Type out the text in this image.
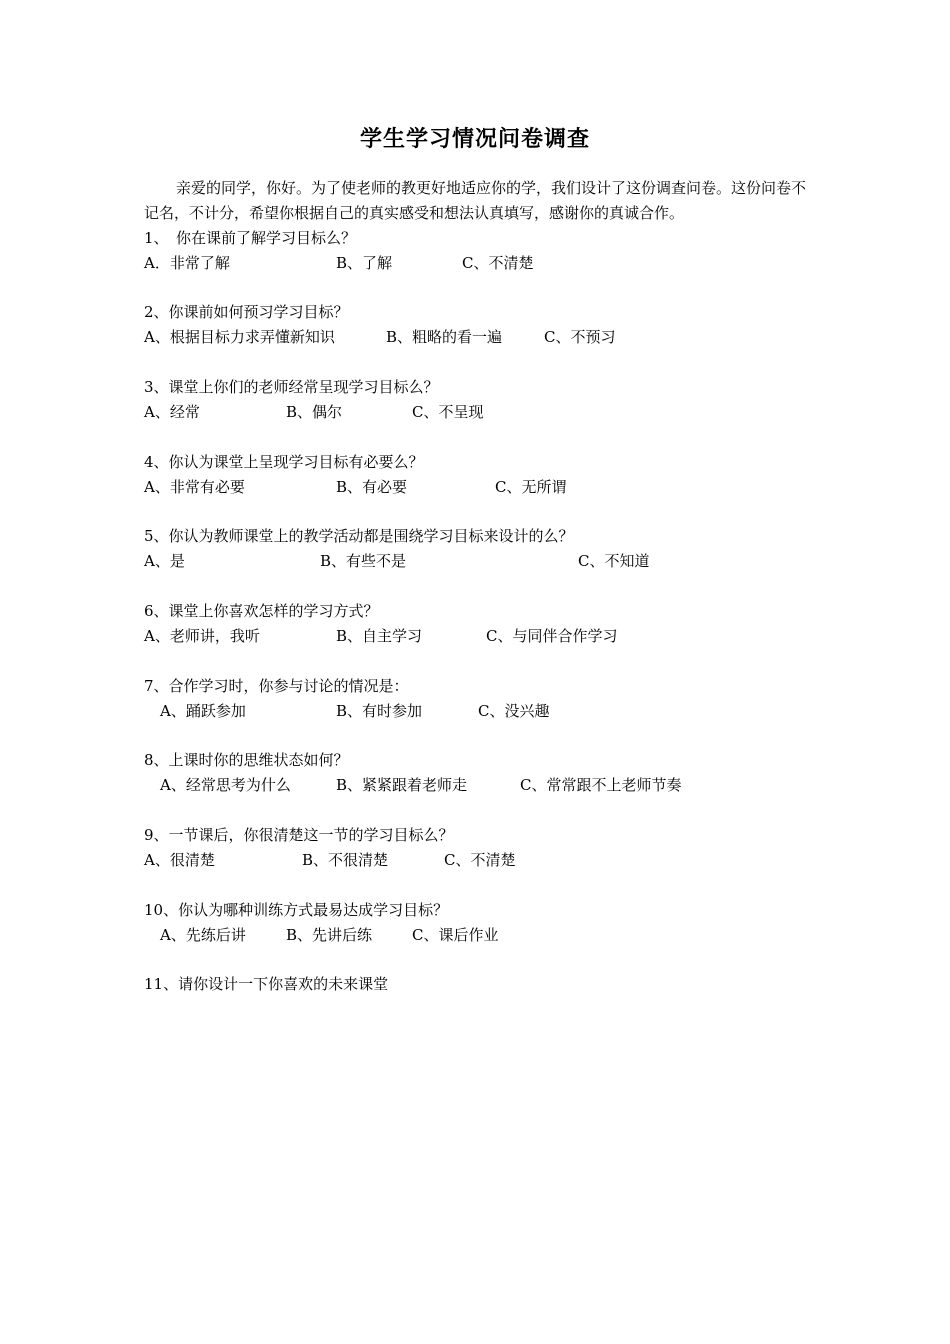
学生学习情况问卷调查
亲爱的同学，你好。为了使老师的教更好地适应你的学，我们设计了这份调查问卷。这份问卷不记名，不计分，希望你根据自己的真实感受和想法认真填写，感谢你的真诚合作。
1、　你在课前了解学习目标么？
A．非常了解	B、了解	C、不清楚
2、你课前如何预习学习目标？
A、根据目标力求弄懂新知识	B、粗略的看一遍	C、不预习
3、课堂上你们的老师经常呈现学习目标么？
A、经常	B、偶尔	C、不呈现
4、你认为课堂上呈现学习目标有必要么？
A、非常有必要	B、有必要	C、无所谓
5、你认为教师课堂上的教学活动都是围绕学习目标来设计的么？
A、是	B、有些不是	C、不知道
6、课堂上你喜欢怎样的学习方式？
A、老师讲，我听	B、自主学习	C、与同伴合作学习
7、合作学习时，你参与讨论的情况是：
A、踊跃参加	B、有时参加	C、没兴趣
8、上课时你的思维状态如何？
A、经常思考为什么	B、紧紧跟着老师走	C、常常跟不上老师节奏
9、一节课后，你很清楚这一节的学习目标么？
A、很清楚	B、不很清楚	C、不清楚
10、你认为哪种训练方式最易达成学习目标？
A、先练后讲	B、先讲后练	C、课后作业
11、请你设计一下你喜欢的未来课堂
